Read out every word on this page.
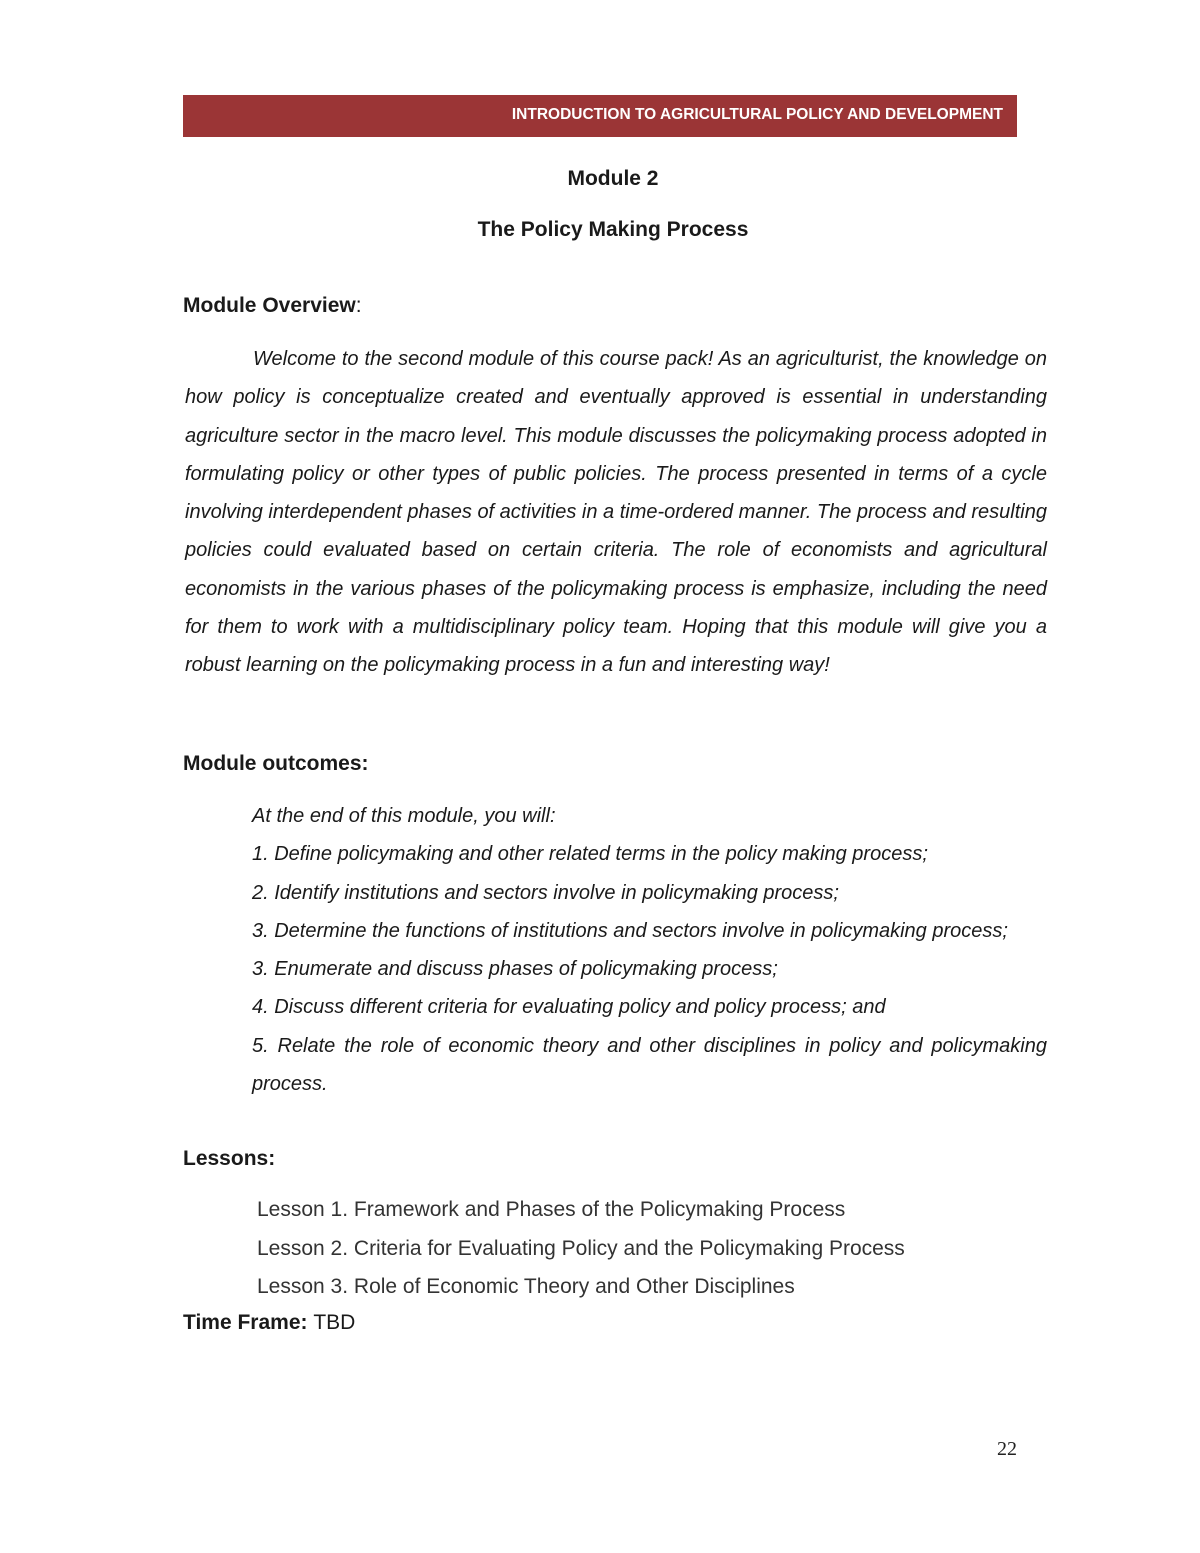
INTRODUCTION TO AGRICULTURAL POLICY AND DEVELOPMENT
Module 2
The Policy Making Process
Module Overview:

Welcome to the second module of this course pack! As an agriculturist, the knowledge on how policy is conceptualize created and eventually approved is essential in understanding agriculture sector in the macro level. This module discusses the policymaking process adopted in formulating policy or other types of public policies. The process presented in terms of a cycle involving interdependent phases of activities in a time-ordered manner. The process and resulting policies could evaluated based on certain criteria. The role of economists and agricultural economists in the various phases of the policymaking process is emphasize, including the need for them to work with a multidisciplinary policy team. Hoping that this module will give you a robust learning on the policymaking process in a fun and interesting way!

Module outcomes:
At the end of this module, you will:
1. Define policymaking and other related terms in the policy making process;
2. Identify institutions and sectors involve in policymaking process;
3. Determine the functions of institutions and sectors involve in policymaking process;
3. Enumerate and discuss phases of policymaking process;
4. Discuss different criteria for evaluating policy and policy process; and
5. Relate the role of economic theory and other disciplines in policy and policymaking process.
Lessons:
Lesson 1. Framework and Phases of the Policymaking Process
Lesson 2. Criteria for Evaluating Policy and the Policymaking Process
Lesson 3. Role of Economic Theory and Other Disciplines
Time Frame: TBD
22
